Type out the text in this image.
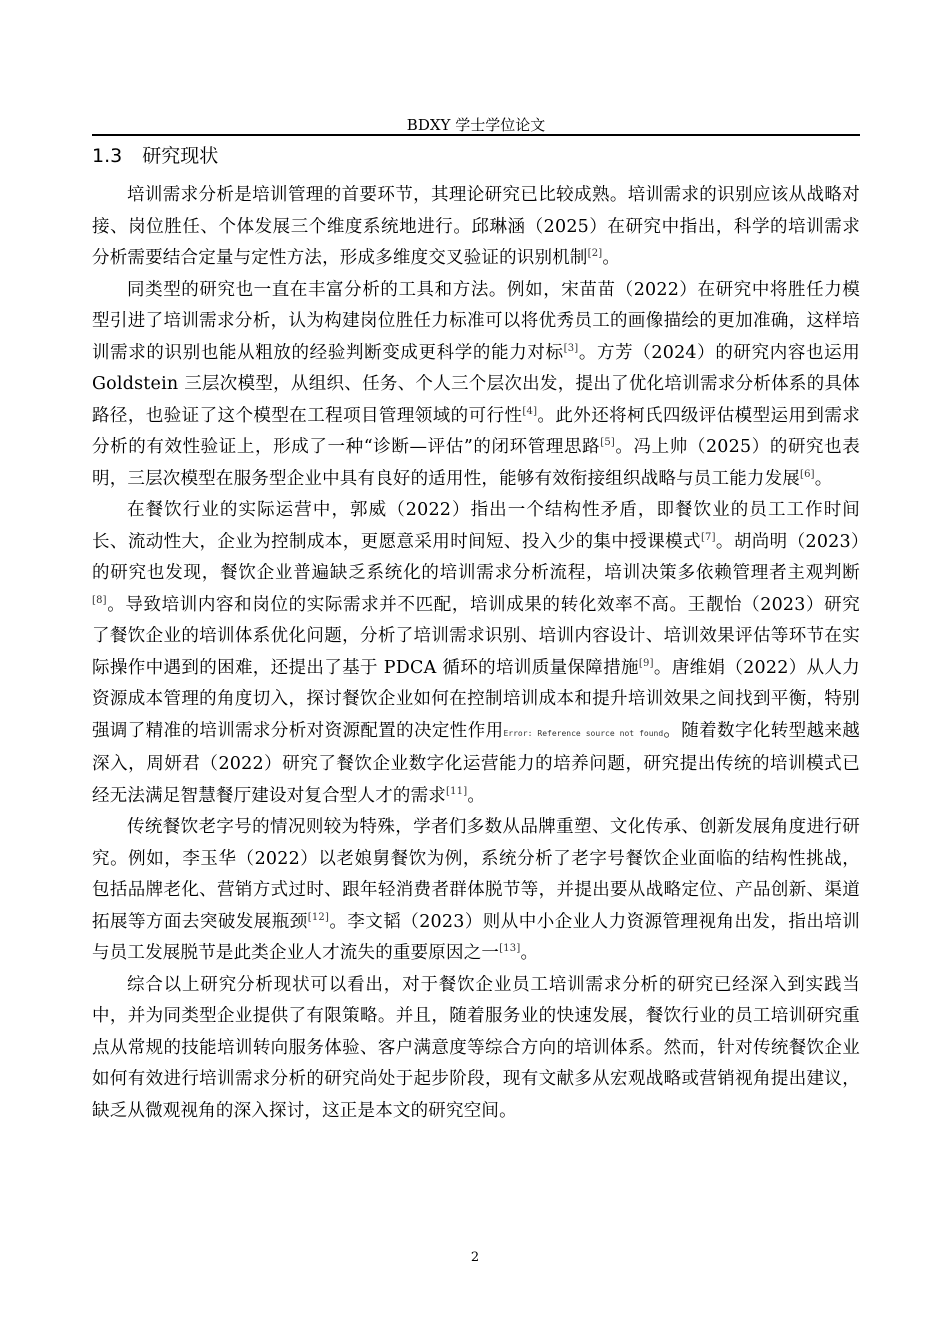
BDXY 学士学位论文
1.3 研究现状

培训需求分析是培训管理的首要环节，其理论研究已比较成熟。培训需求的识别应该从战略对接、岗位胜任、个体发展三个维度系统地进行。邱琳涵（2025）在研究中指出，科学的培训需求分析需要结合定量与定性方法，形成多维度交叉验证的识别机制[2]。

同类型的研究也一直在丰富分析的工具和方法。例如，宋苗苗（2022）在研究中将胜任力模型引进了培训需求分析，认为构建岗位胜任力标准可以将优秀员工的画像描绘的更加准确，这样培训需求的识别也能从粗放的经验判断变成更科学的能力对标[3]。方芳（2024）的研究内容也运用 Goldstein 三层次模型，从组织、任务、个人三个层次出发，提出了优化培训需求分析体系的具体路径，也验证了这个模型在工程项目管理领域的可行性[4]。此外还将柯氏四级评估模型运用到需求分析的有效性验证上，形成了一种“诊断—评估”的闭环管理思路[5]。冯上帅（2025）的研究也表明，三层次模型在服务型企业中具有良好的适用性，能够有效衔接组织战略与员工能力发展[6]。

在餐饮行业的实际运营中，郭威（2022）指出一个结构性矛盾，即餐饮业的员工工作时间长、流动性大，企业为控制成本，更愿意采用时间短、投入少的集中授课模式[7]。胡尚明（2023）的研究也发现，餐饮企业普遍缺乏系统化的培训需求分析流程，培训决策多依赖管理者主观判断[8]。导致培训内容和岗位的实际需求并不匹配，培训成果的转化效率不高。王靓怡（2023）研究了餐饮企业的培训体系优化问题，分析了培训需求识别、培训内容设计、培训效果评估等环节在实际操作中遇到的困难，还提出了基于 PDCA 循环的培训质量保障措施[9]。唐维娟（2022）从人力资源成本管理的角度切入，探讨餐饮企业如何在控制培训成本和提升培训效果之间找到平衡，特别强调了精准的培训需求分析对资源配置的决定性作用Error: Reference source not found。随着数字化转型越来越深入，周妍君（2022）研究了餐饮企业数字化运营能力的培养问题，研究提出传统的培训模式已经无法满足智慧餐厅建设对复合型人才的需求[11]。

传统餐饮老字号的情况则较为特殊，学者们多数从品牌重塑、文化传承、创新发展角度进行研究。例如，李玉华（2022）以老娘舅餐饮为例，系统分析了老字号餐饮企业面临的结构性挑战，包括品牌老化、营销方式过时、跟年轻消费者群体脱节等，并提出要从战略定位、产品创新、渠道拓展等方面去突破发展瓶颈[12]。李文韬（2023）则从中小企业人力资源管理视角出发，指出培训与员工发展脱节是此类企业人才流失的重要原因之一[13]。

综合以上研究分析现状可以看出，对于餐饮企业员工培训需求分析的研究已经深入到实践当中，并为同类型企业提供了有限策略。并且，随着服务业的快速发展，餐饮行业的员工培训研究重点从常规的技能培训转向服务体验、客户满意度等综合方向的培训体系。然而，针对传统餐饮企业如何有效进行培训需求分析的研究尚处于起步阶段，现有文献多从宏观战略或营销视角提出建议，缺乏从微观视角的深入探讨，这正是本文的研究空间。

2
